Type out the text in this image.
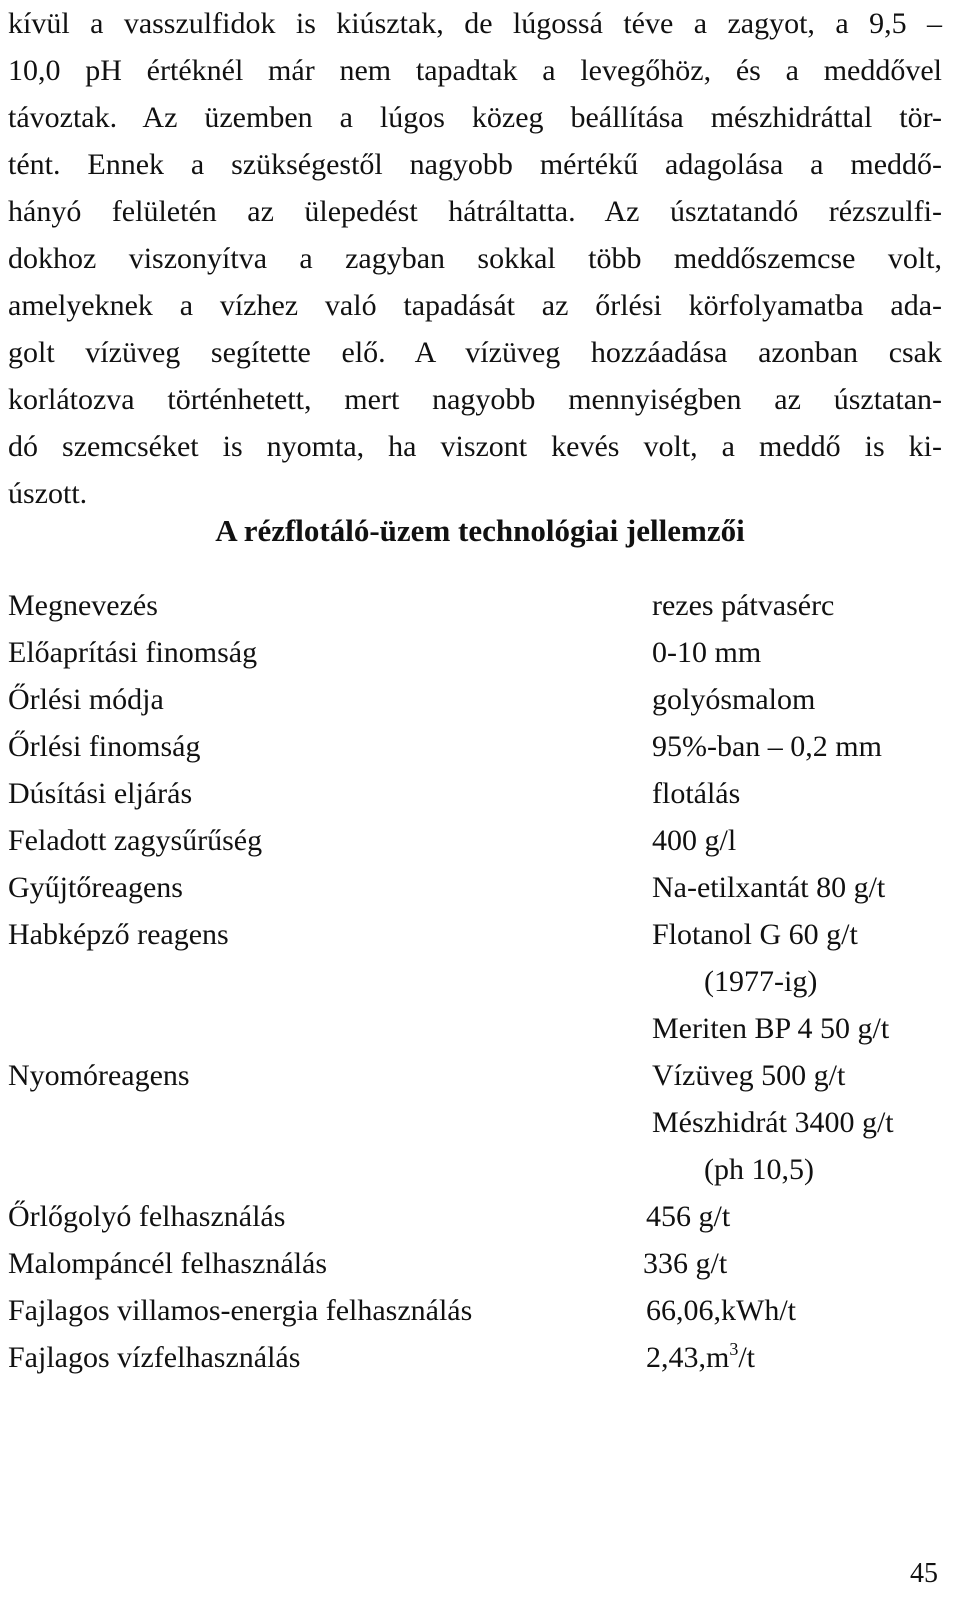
kívül a vasszulfidok is kiúsztak, de lúgossá téve a zagyot, a 9,5 –
10,0 pH értéknél már nem tapadtak a levegőhöz, és a meddővel
távoztak. Az üzemben a lúgos közeg beállítása mészhidráttal tör-
tént. Ennek a szükségestől nagyobb mértékű adagolása a meddő-
hányó felületén az ülepedést hátráltatta. Az úsztatandó rézszulfi-
dokhoz viszonyítva a zagyban sokkal több meddőszemcse volt,
amelyeknek a vízhez való tapadását az őrlési körfolyamatba ada-
golt vízüveg segítette elő. A vízüveg hozzáadása azonban csak
korlátozva történhetett, mert nagyobb mennyiségben az úsztatan-
dó szemcséket is nyomta, ha viszont kevés volt, a meddő is ki-
úszott.
A rézflotáló-üzem technológiai jellemzői
Megnevezés	rezes pátvasérc
Előaprítási finomság	0-10 mm
Őrlési módja	golyósmalom
Őrlési finomság	95%-ban – 0,2 mm
Dúsítási eljárás	flotálás
Feladott zagysűrűség	400 g/l
Gyűjtőreagens	Na-etilxantát 80 g/t
Habképző reagens	Flotanol G 60 g/t
(1977-ig)
Meriten BP 4 50 g/t
Nyomóreagens	Vízüveg 500 g/t
Mészhidrát 3400 g/t
(ph 10,5)
Őrlőgolyó felhasználás	456 g/t
Malompáncél felhasználás	336 g/t
Fajlagos villamos-energia felhasználás	66,06,kWh/t
Fajlagos vízfelhasználás	$2,43,m^3/t$
45
